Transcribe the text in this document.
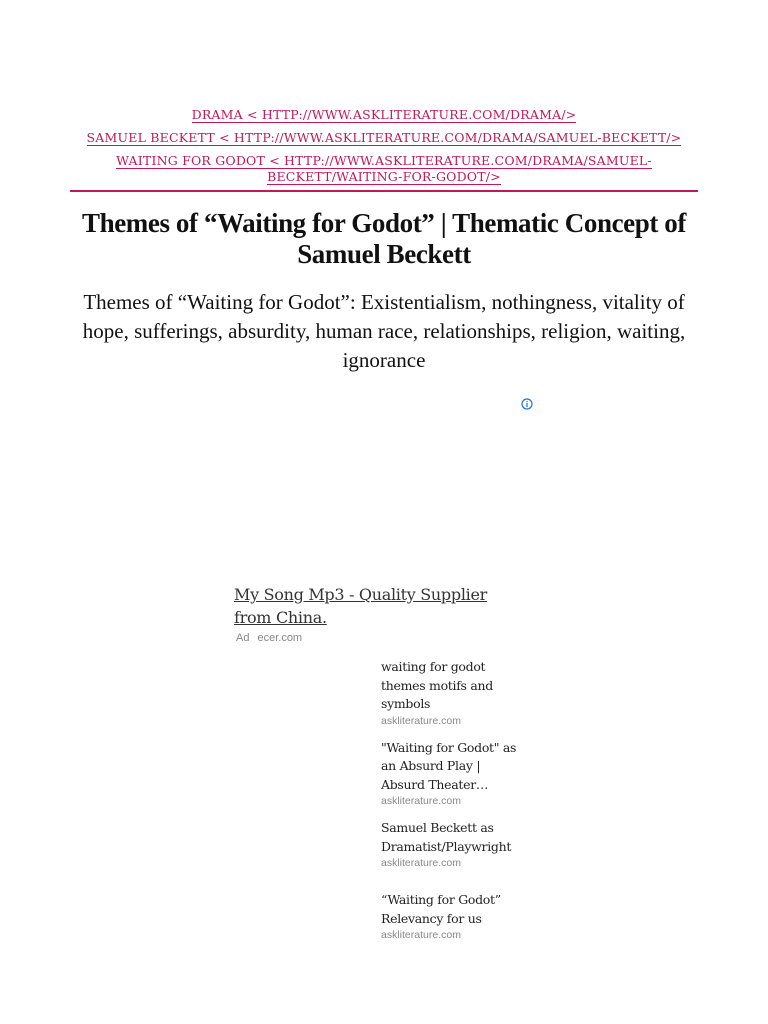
DRAMA < HTTP://WWW.ASKLITERATURE.COM/DRAMA/>
SAMUEL BECKETT < HTTP://WWW.ASKLITERATURE.COM/DRAMA/SAMUEL-BECKETT/>
WAITING FOR GODOT < HTTP://WWW.ASKLITERATURE.COM/DRAMA/SAMUEL-
BECKETT/WAITING-FOR-GODOT/>
Themes of “Waiting for Godot” | Thematic Concept of
Samuel Beckett

Themes of “Waiting for Godot”: Existentialism, nothingness, vitality of
hope, sufferings, absurdity, human race, relationships, religion, waiting,
ignorance

My Song Mp3 - Quality Supplier
from China.
Ad ecer.com
waiting for godot
themes motifs and
symbols
askliterature.com
"Waiting for Godot" as
an Absurd Play |
Absurd Theater…
askliterature.com
Samuel Beckett as
Dramatist/Playwright
askliterature.com
“Waiting for Godot”
Relevancy for us
askliterature.com
